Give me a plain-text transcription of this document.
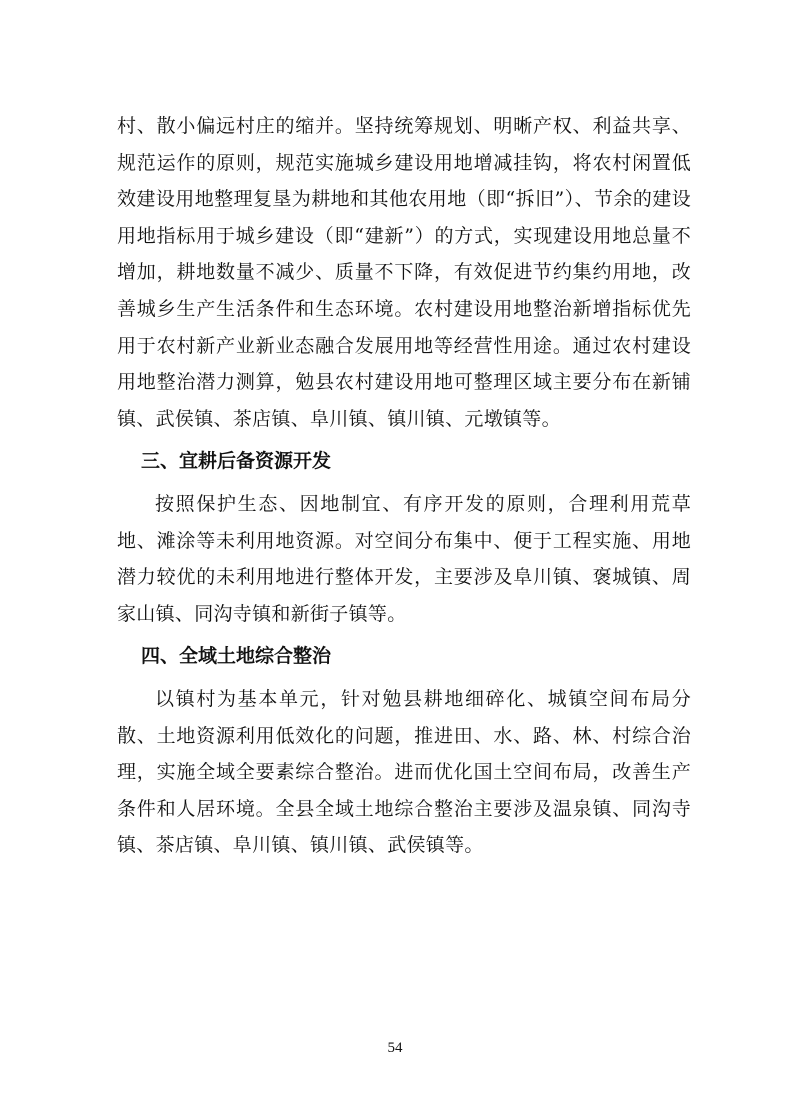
村、散小偏远村庄的缩并。坚持统筹规划、明晰产权、利益共享、规范运作的原则，规范实施城乡建设用地增减挂钩，将农村闲置低效建设用地整理复垦为耕地和其他农用地（即“拆旧”）、节余的建设用地指标用于城乡建设（即“建新”）的方式，实现建设用地总量不增加，耕地数量不减少、质量不下降，有效促进节约集约用地，改善城乡生产生活条件和生态环境。农村建设用地整治新增指标优先用于农村新产业新业态融合发展用地等经营性用途。通过农村建设用地整治潜力测算，勉县农村建设用地可整理区域主要分布在新铺镇、武侯镇、茶店镇、阜川镇、镇川镇、元墩镇等。

三、宜耕后备资源开发

按照保护生态、因地制宜、有序开发的原则，合理利用荒草地、滩涂等未利用地资源。对空间分布集中、便于工程实施、用地潜力较优的未利用地进行整体开发，主要涉及阜川镇、褒城镇、周家山镇、同沟寺镇和新街子镇等。

四、全域土地综合整治

以镇村为基本单元，针对勉县耕地细碎化、城镇空间布局分散、土地资源利用低效化的问题，推进田、水、路、林、村综合治理，实施全域全要素综合整治。进而优化国土空间布局，改善生产条件和人居环境。全县全域土地综合整治主要涉及温泉镇、同沟寺镇、茶店镇、阜川镇、镇川镇、武侯镇等。

54
